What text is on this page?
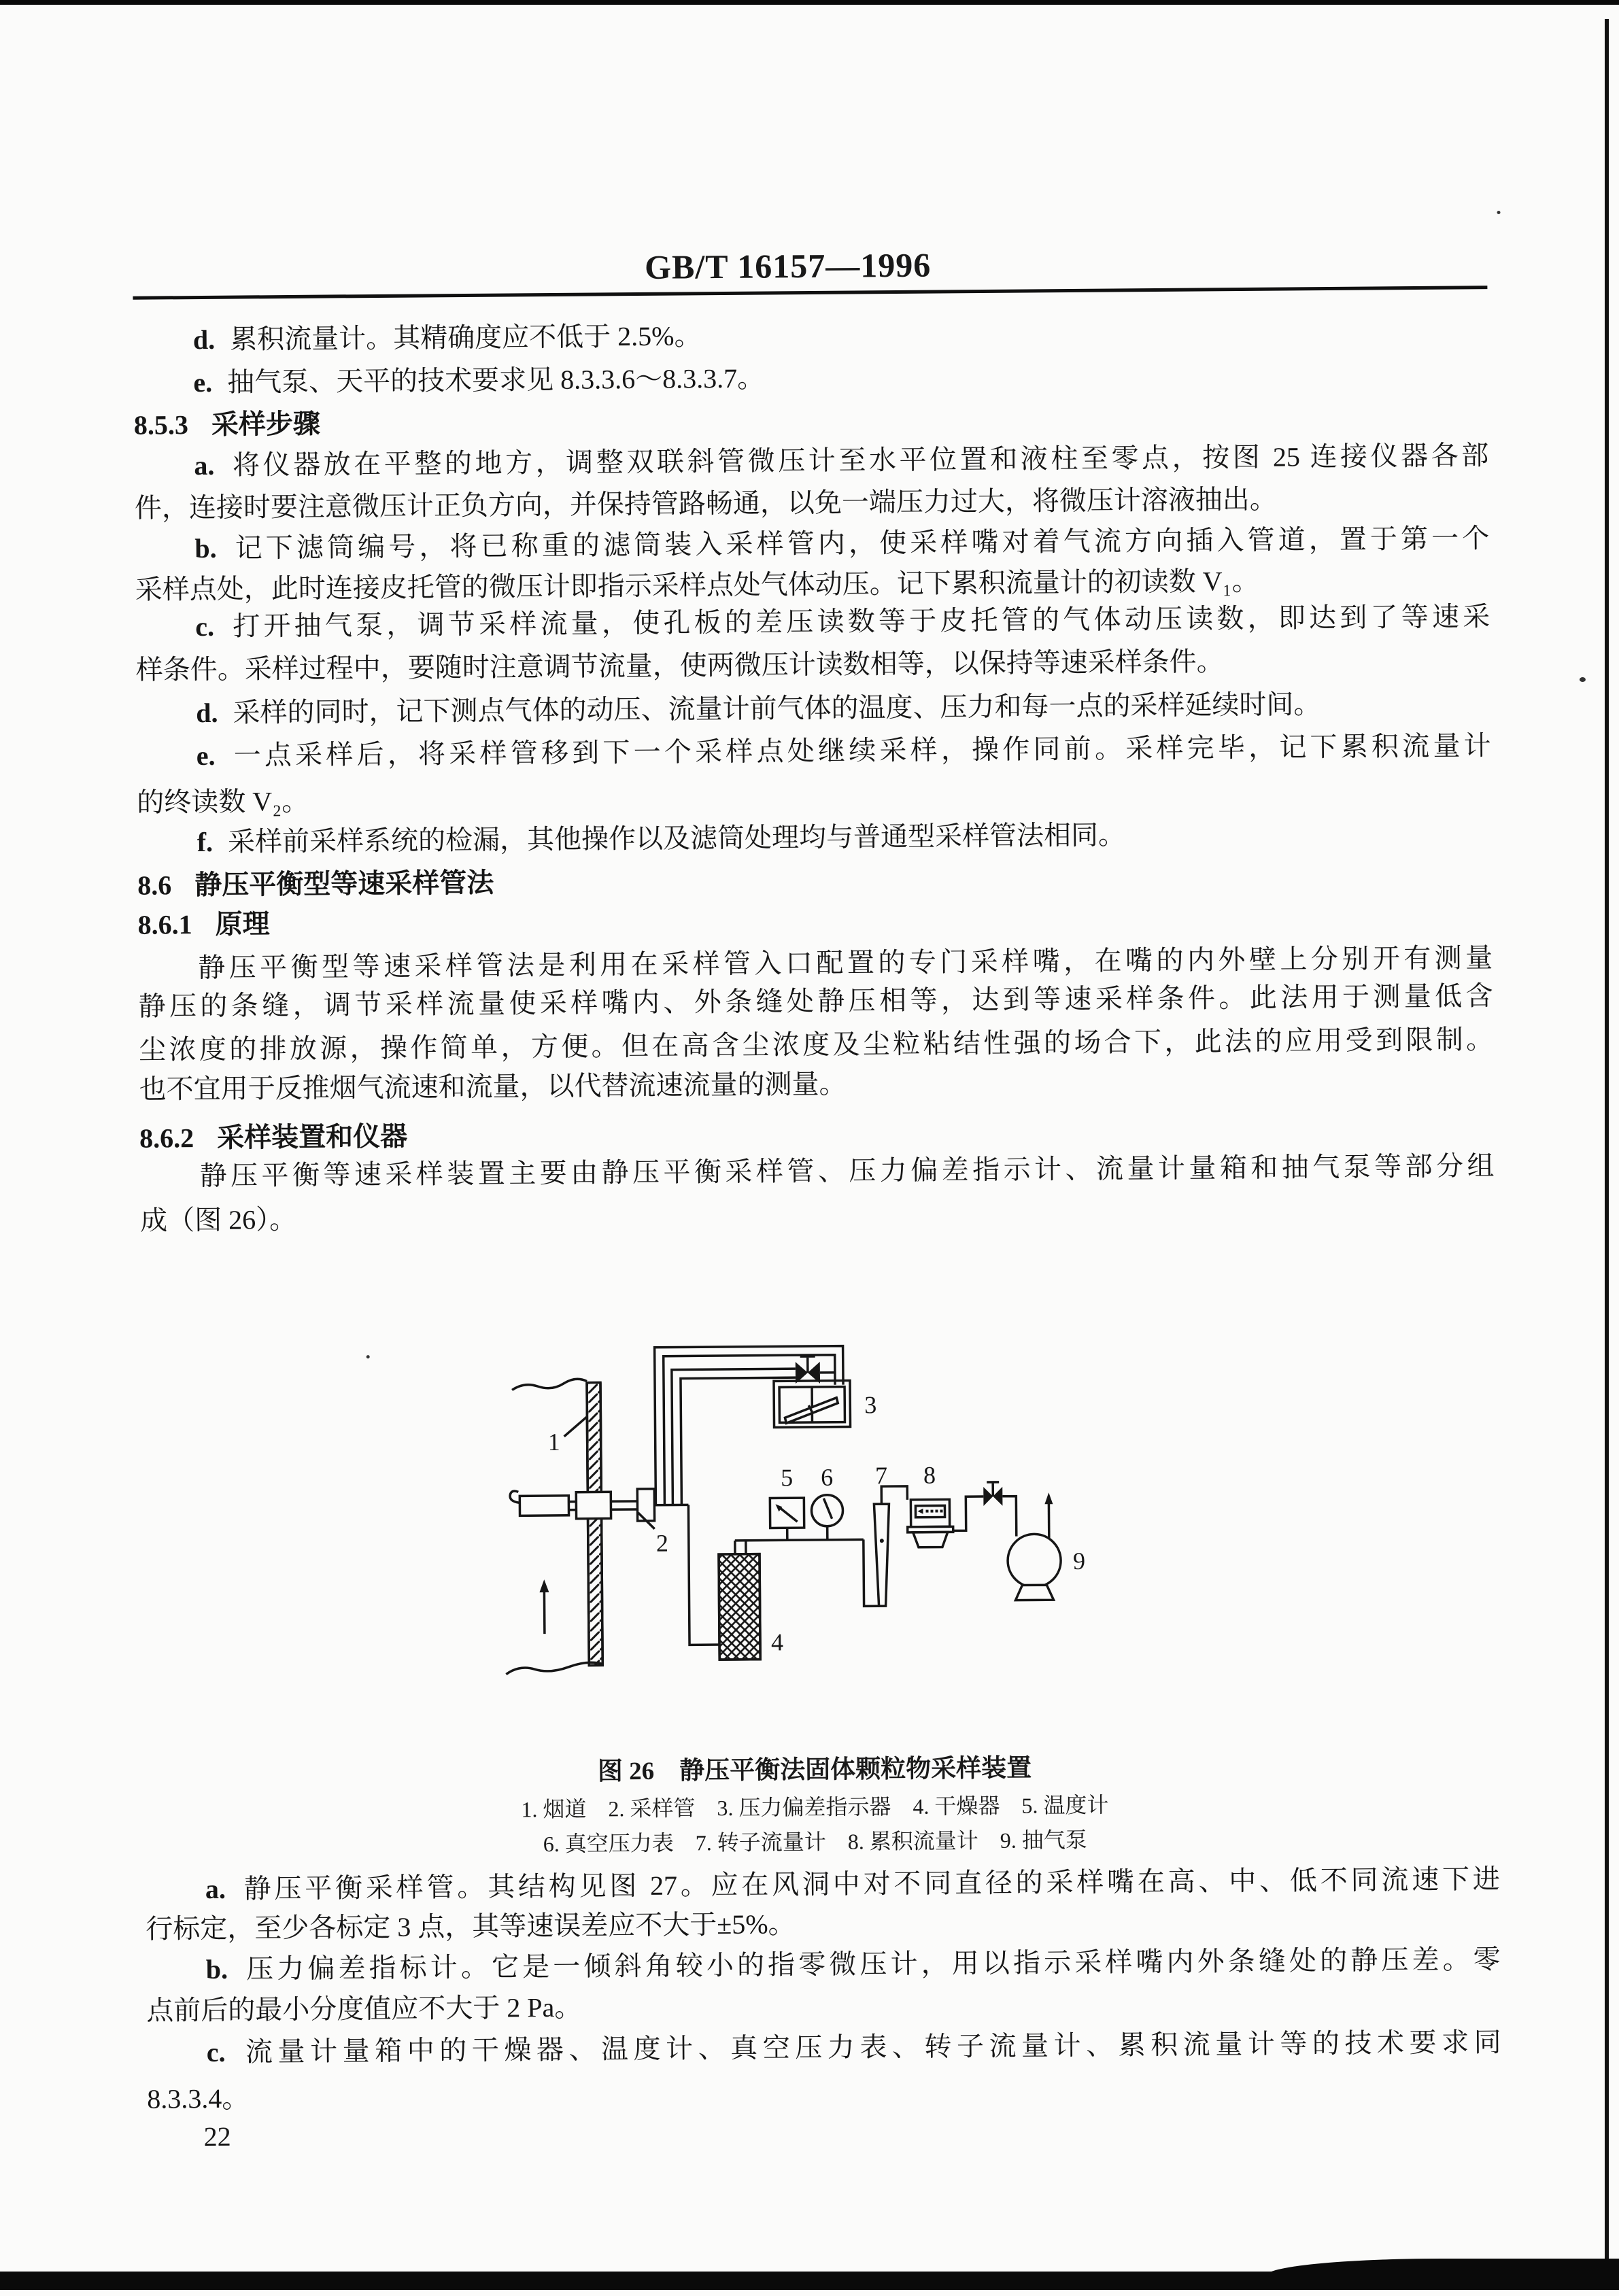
GB/T 16157—1996
d. 累积流量计。其精确度应不低于 2.5%。
e. 抽气泵、天平的技术要求见 8.3.3.6～8.3.3.7。
8.5.3 采样步骤
a. 将仪器放在平整的地方，调整双联斜管微压计至水平位置和液柱至零点，按图 25 连接仪器各部
件，连接时要注意微压计正负方向，并保持管路畅通，以免一端压力过大，将微压计溶液抽出。
b. 记下滤筒编号，将已称重的滤筒装入采样管内，使采样嘴对着气流方向插入管道，置于第一个
采样点处，此时连接皮托管的微压计即指示采样点处气体动压。记下累积流量计的初读数 V₁。
c. 打开抽气泵，调节采样流量，使孔板的差压读数等于皮托管的气体动压读数，即达到了等速采
样条件。采样过程中，要随时注意调节流量，使两微压计读数相等，以保持等速采样条件。
d. 采样的同时，记下测点气体的动压、流量计前气体的温度、压力和每一点的采样延续时间。
e. 一点采样后，将采样管移到下一个采样点处继续采样，操作同前。采样完毕，记下累积流量计
的终读数 V₂。
f. 采样前采样系统的检漏，其他操作以及滤筒处理均与普通型采样管法相同。
8.6 静压平衡型等速采样管法
8.6.1 原理
静压平衡型等速采样管法是利用在采样管入口配置的专门采样嘴，在嘴的内外壁上分别开有测量
静压的条缝，调节采样流量使采样嘴内、外条缝处静压相等，达到等速采样条件。此法用于测量低含
尘浓度的排放源，操作简单，方便。但在高含尘浓度及尘粒粘结性强的场合下，此法的应用受到限制。
也不宜用于反推烟气流速和流量，以代替流速流量的测量。
8.6.2 采样装置和仪器
静压平衡等速采样装置主要由静压平衡采样管、压力偏差指示计、流量计量箱和抽气泵等部分组
成（图 26）。
1
2
3
4
5 6 7 8
9
图 26　静压平衡法固体颗粒物采样装置
1. 烟道　2. 采样管　3. 压力偏差指示器　4. 干燥器　5. 温度计
6. 真空压力表　7. 转子流量计　8. 累积流量计　9. 抽气泵
a. 静压平衡采样管。其结构见图 27。应在风洞中对不同直径的采样嘴在高、中、低不同流速下进
行标定，至少各标定 3 点，其等速误差应不大于±5%。
b. 压力偏差指标计。它是一倾斜角较小的指零微压计，用以指示采样嘴内外条缝处的静压差。零
点前后的最小分度值应不大于 2 Pa。
c. 流量计量箱中的干燥器、温度计、真空压力表、转子流量计、累积流量计等的技术要求同
8.3.3.4。
22
